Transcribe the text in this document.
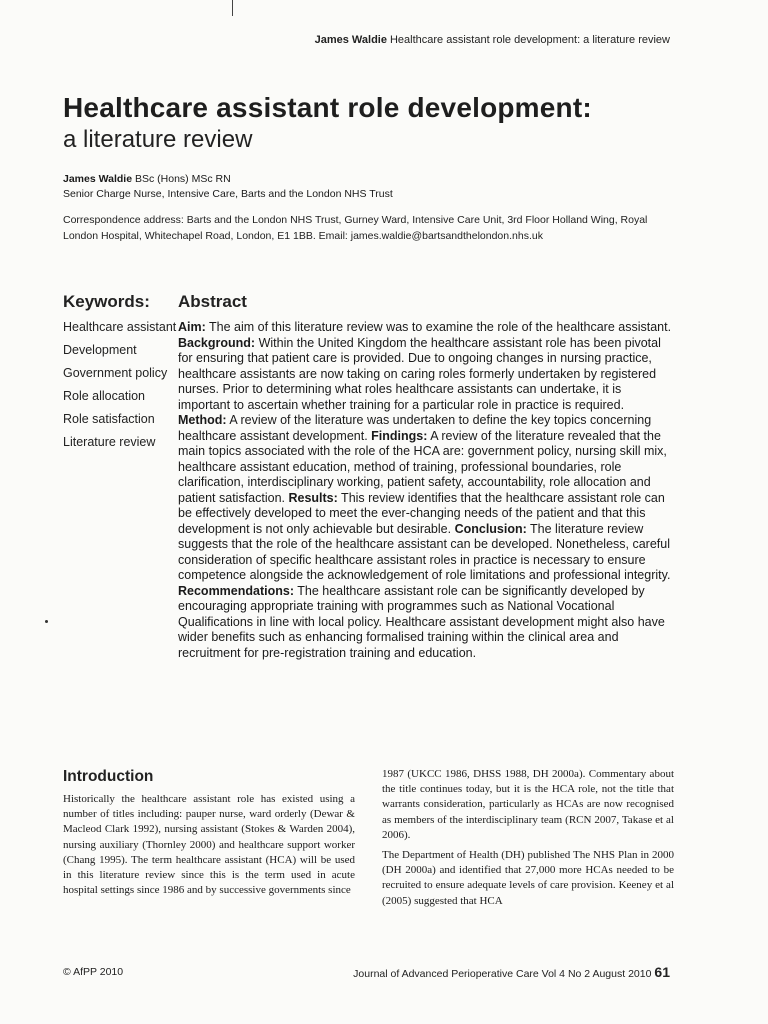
James Waldie Healthcare assistant role development: a literature review
Healthcare assistant role development:
a literature review
James Waldie BSc (Hons) MSc RN
Senior Charge Nurse, Intensive Care, Barts and the London NHS Trust
Correspondence address: Barts and the London NHS Trust, Gurney Ward, Intensive Care Unit, 3rd Floor Holland Wing, Royal London Hospital, Whitechapel Road, London, E1 1BB. Email: james.waldie@bartsandthelondon.nhs.uk
Keywords: Abstract
Healthcare assistant
Development
Government policy
Role allocation
Role satisfaction
Literature review

Aim: The aim of this literature review was to examine the role of the healthcare assistant. Background: Within the United Kingdom the healthcare assistant role has been pivotal for ensuring that patient care is provided. Due to ongoing changes in nursing practice, healthcare assistants are now taking on caring roles formerly undertaken by registered nurses. Prior to determining what roles healthcare assistants can undertake, it is important to ascertain whether training for a particular role in practice is required. Method: A review of the literature was undertaken to define the key topics concerning healthcare assistant development. Findings: A review of the literature revealed that the main topics associated with the role of the HCA are: government policy, nursing skill mix, healthcare assistant education, method of training, professional boundaries, role clarification, interdisciplinary working, patient safety, accountability, role allocation and patient satisfaction. Results: This review identifies that the healthcare assistant role can be effectively developed to meet the ever-changing needs of the patient and that this development is not only achievable but desirable. Conclusion: The literature review suggests that the role of the healthcare assistant can be developed. Nonetheless, careful consideration of specific healthcare assistant roles in practice is necessary to ensure competence alongside the acknowledgement of role limitations and professional integrity. Recommendations: The healthcare assistant role can be significantly developed by encouraging appropriate training with programmes such as National Vocational Qualifications in line with local policy. Healthcare assistant development might also have wider benefits such as enhancing formalised training within the clinical area and recruitment for pre-registration training and education.

Introduction

Historically the healthcare assistant role has existed using a number of titles including: pauper nurse, ward orderly (Dewar & Macleod Clark 1992), nursing assistant (Stokes & Warden 2004), nursing auxiliary (Thornley 2000) and healthcare support worker (Chang 1995). The term healthcare assistant (HCA) will be used in this literature review since this is the term used in acute hospital settings since 1986 and by successive governments since

1987 (UKCC 1986, DHSS 1988, DH 2000a). Commentary about the title continues today, but it is the HCA role, not the title that warrants consideration, particularly as HCAs are now recognised as members of the interdisciplinary team (RCN 2007, Takase et al 2006).

The Department of Health (DH) published The NHS Plan in 2000 (DH 2000a) and identified that 27,000 more HCAs needed to be recruited to ensure adequate levels of care provision. Keeney et al (2005) suggested that HCA

© AfPP 2010	Journal of Advanced Perioperative Care Vol 4 No 2 August 2010 61
